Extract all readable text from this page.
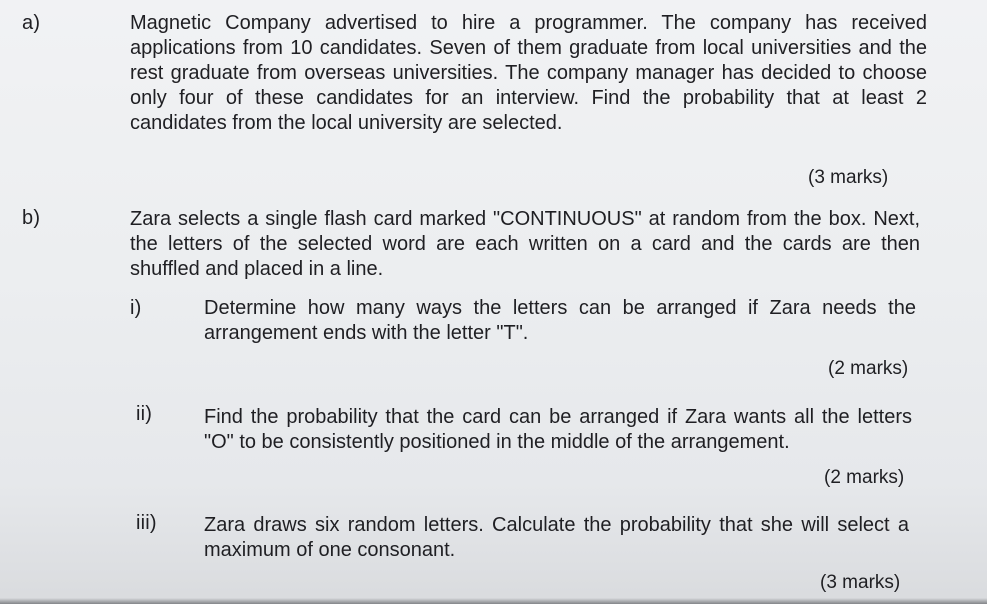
a)	Magnetic Company advertised to hire a programmer. The company has received applications from 10 candidates. Seven of them graduate from local universities and the rest graduate from overseas universities. The company manager has decided to choose only four of these candidates for an interview. Find the probability that at least 2 candidates from the local university are selected.
(3 marks)
b)	Zara selects a single flash card marked "CONTINUOUS" at random from the box. Next, the letters of the selected word are each written on a card and the cards are then shuffled and placed in a line.
i)	Determine how many ways the letters can be arranged if Zara needs the arrangement ends with the letter "T".
(2 marks)
ii)	Find the probability that the card can be arranged if Zara wants all the letters "O" to be consistently positioned in the middle of the arrangement.
(2 marks)
iii) Zara draws six random letters. Calculate the probability that she will select a maximum of one consonant.
(3 marks)
